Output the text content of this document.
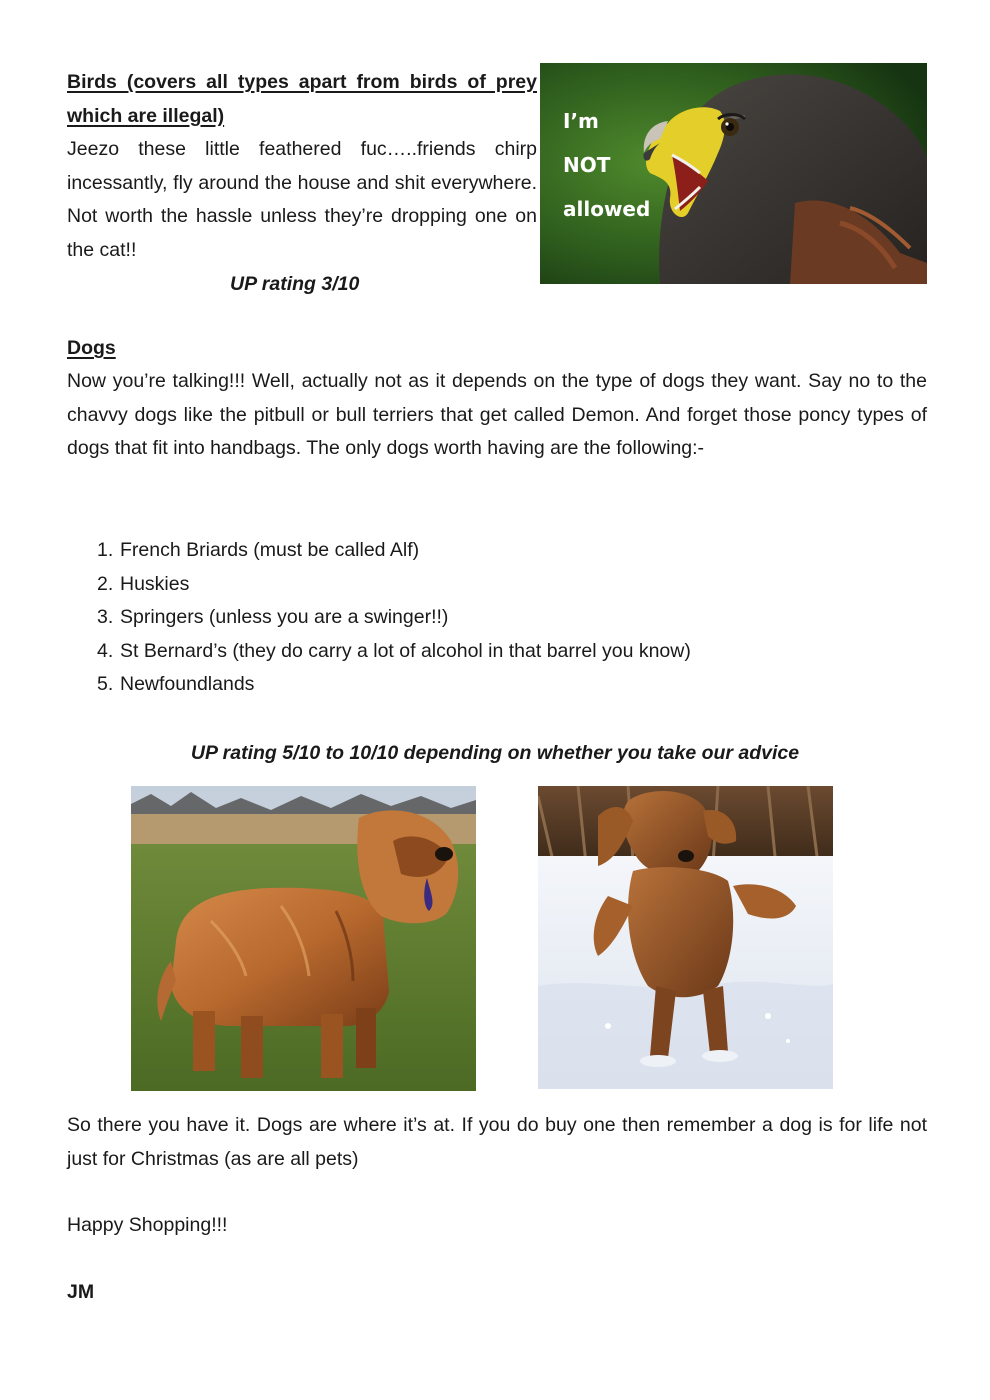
Birds (covers all types apart from birds of prey
which are illegal)

Jeezo these little feathered fuc…..friends chirp incessantly, fly around the house and shit everywhere. Not worth the hassle unless they’re dropping one on the cat!!

UP rating 3/10

I’m
NOT
allowed

Dogs

Now you’re talking!!! Well, actually not as it depends on the type of dogs they want. Say no to the chavvy dogs like the pitbull or bull terriers that get called Demon. And forget those poncy types of dogs that fit into handbags. The only dogs worth having are the following:-

1. French Briards (must be called Alf)
2. Huskies
3. Springers (unless you are a swinger!!)
4. St Bernard’s (they do carry a lot of alcohol in that barrel you know)
5. Newfoundlands

UP rating 5/10 to 10/10 depending on whether you take our advice

So there you have it. Dogs are where it’s at. If you do buy one then remember a dog is for life not just for Christmas (as are all pets)

Happy Shopping!!!

JM
